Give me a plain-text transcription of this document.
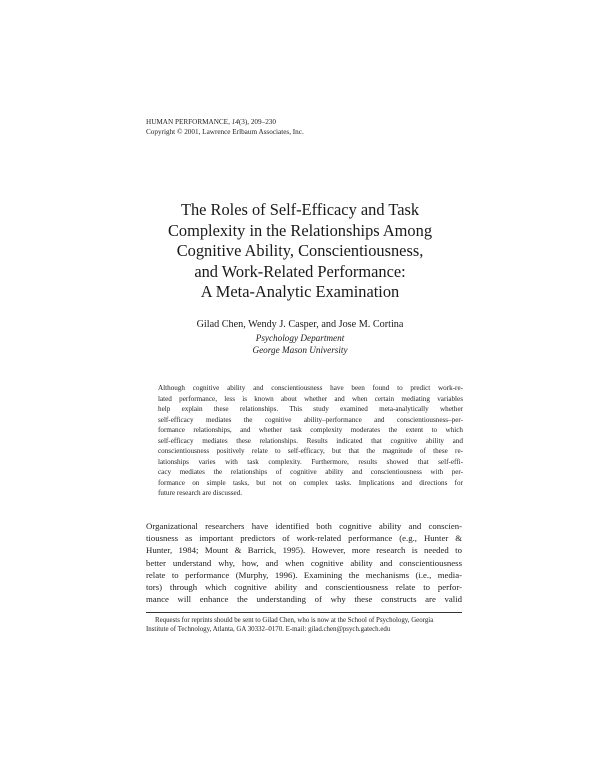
HUMAN PERFORMANCE, 14(3), 209–230
Copyright © 2001, Lawrence Erlbaum Associates, Inc.
The Roles of Self-Efficacy and Task
Complexity in the Relationships Among
Cognitive Ability, Conscientiousness,
and Work-Related Performance:
A Meta-Analytic Examination
Gilad Chen, Wendy J. Casper, and Jose M. Cortina
Psychology Department
George Mason University
Although cognitive ability and conscientiousness have been found to predict work-re-
lated performance, less is known about whether and when certain mediating variables
help explain these relationships. This study examined meta-analytically whether
self-efficacy mediates the cognitive ability–performance and conscientiousness–per-
formance relationships, and whether task complexity moderates the extent to which
self-efficacy mediates these relationships. Results indicated that cognitive ability and
conscientiousness positively relate to self-efficacy, but that the magnitude of these re-
lationships varies with task complexity. Furthermore, results showed that self-effi-
cacy mediates the relationships of cognitive ability and conscientiousness with per-
formance on simple tasks, but not on complex tasks. Implications and directions for
future research are discussed.
Organizational researchers have identified both cognitive ability and conscien-
tiousness as important predictors of work-related performance (e.g., Hunter &
Hunter, 1984; Mount & Barrick, 1995). However, more research is needed to
better understand why, how, and when cognitive ability and conscientiousness
relate to performance (Murphy, 1996). Examining the mechanisms (i.e., media-
tors) through which cognitive ability and conscientiousness relate to perfor-
mance will enhance the understanding of why these constructs are valid
Requests for reprints should be sent to Gilad Chen, who is now at the School of Psychology, Georgia
Institute of Technology, Atlanta, GA 30332–0170. E-mail: gilad.chen@psych.gatech.edu
